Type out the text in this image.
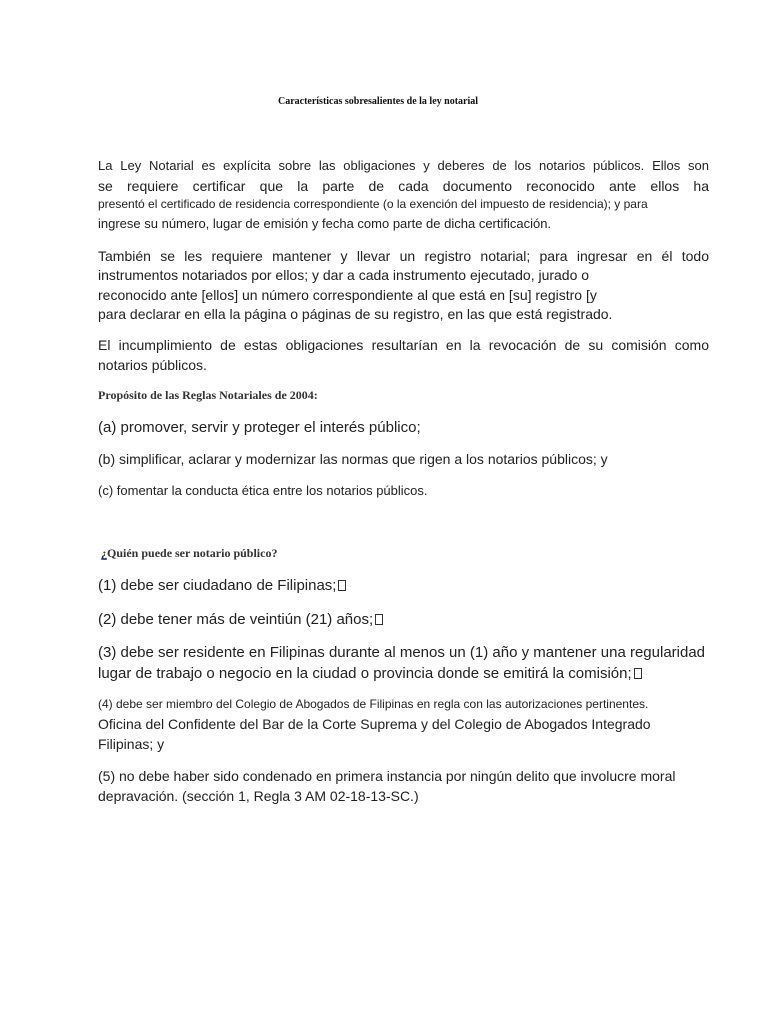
Características sobresalientes de la ley notarial
La Ley Notarial es explícita sobre las obligaciones y deberes de los notarios públicos. Ellos son
se requiere certificar que la parte de cada documento reconocido ante ellos ha
presentó el certificado de residencia correspondiente (o la exención del impuesto de residencia); y para
ingrese su número, lugar de emisión y fecha como parte de dicha certificación.
También se les requiere mantener y llevar un registro notarial; para ingresar en él todo
instrumentos notariados por ellos; y dar a cada instrumento ejecutado, jurado o
reconocido ante [ellos] un número correspondiente al que está en [su] registro [y
para declarar en ella la página o páginas de su registro, en las que está registrado.
El incumplimiento de estas obligaciones resultarían en la revocación de su comisión como
notarios públicos.
Propósito de las Reglas Notariales de 2004:
(a) promover, servir y proteger el interés público;
(b) simplificar, aclarar y modernizar las normas que rigen a los notarios públicos; y
(c) fomentar la conducta ética entre los notarios públicos.
¿Quién puede ser notario público?
(1) debe ser ciudadano de Filipinas;
(2) debe tener más de veintiún (21) años;
(3) debe ser residente en Filipinas durante al menos un (1) año y mantener una regularidad
lugar de trabajo o negocio en la ciudad o provincia donde se emitirá la comisión;
(4) debe ser miembro del Colegio de Abogados de Filipinas en regla con las autorizaciones pertinentes.
Oficina del Confidente del Bar de la Corte Suprema y del Colegio de Abogados Integrado
Filipinas; y
(5) no debe haber sido condenado en primera instancia por ningún delito que involucre moral
depravación. (sección 1, Regla 3 AM 02-18-13-SC.)
